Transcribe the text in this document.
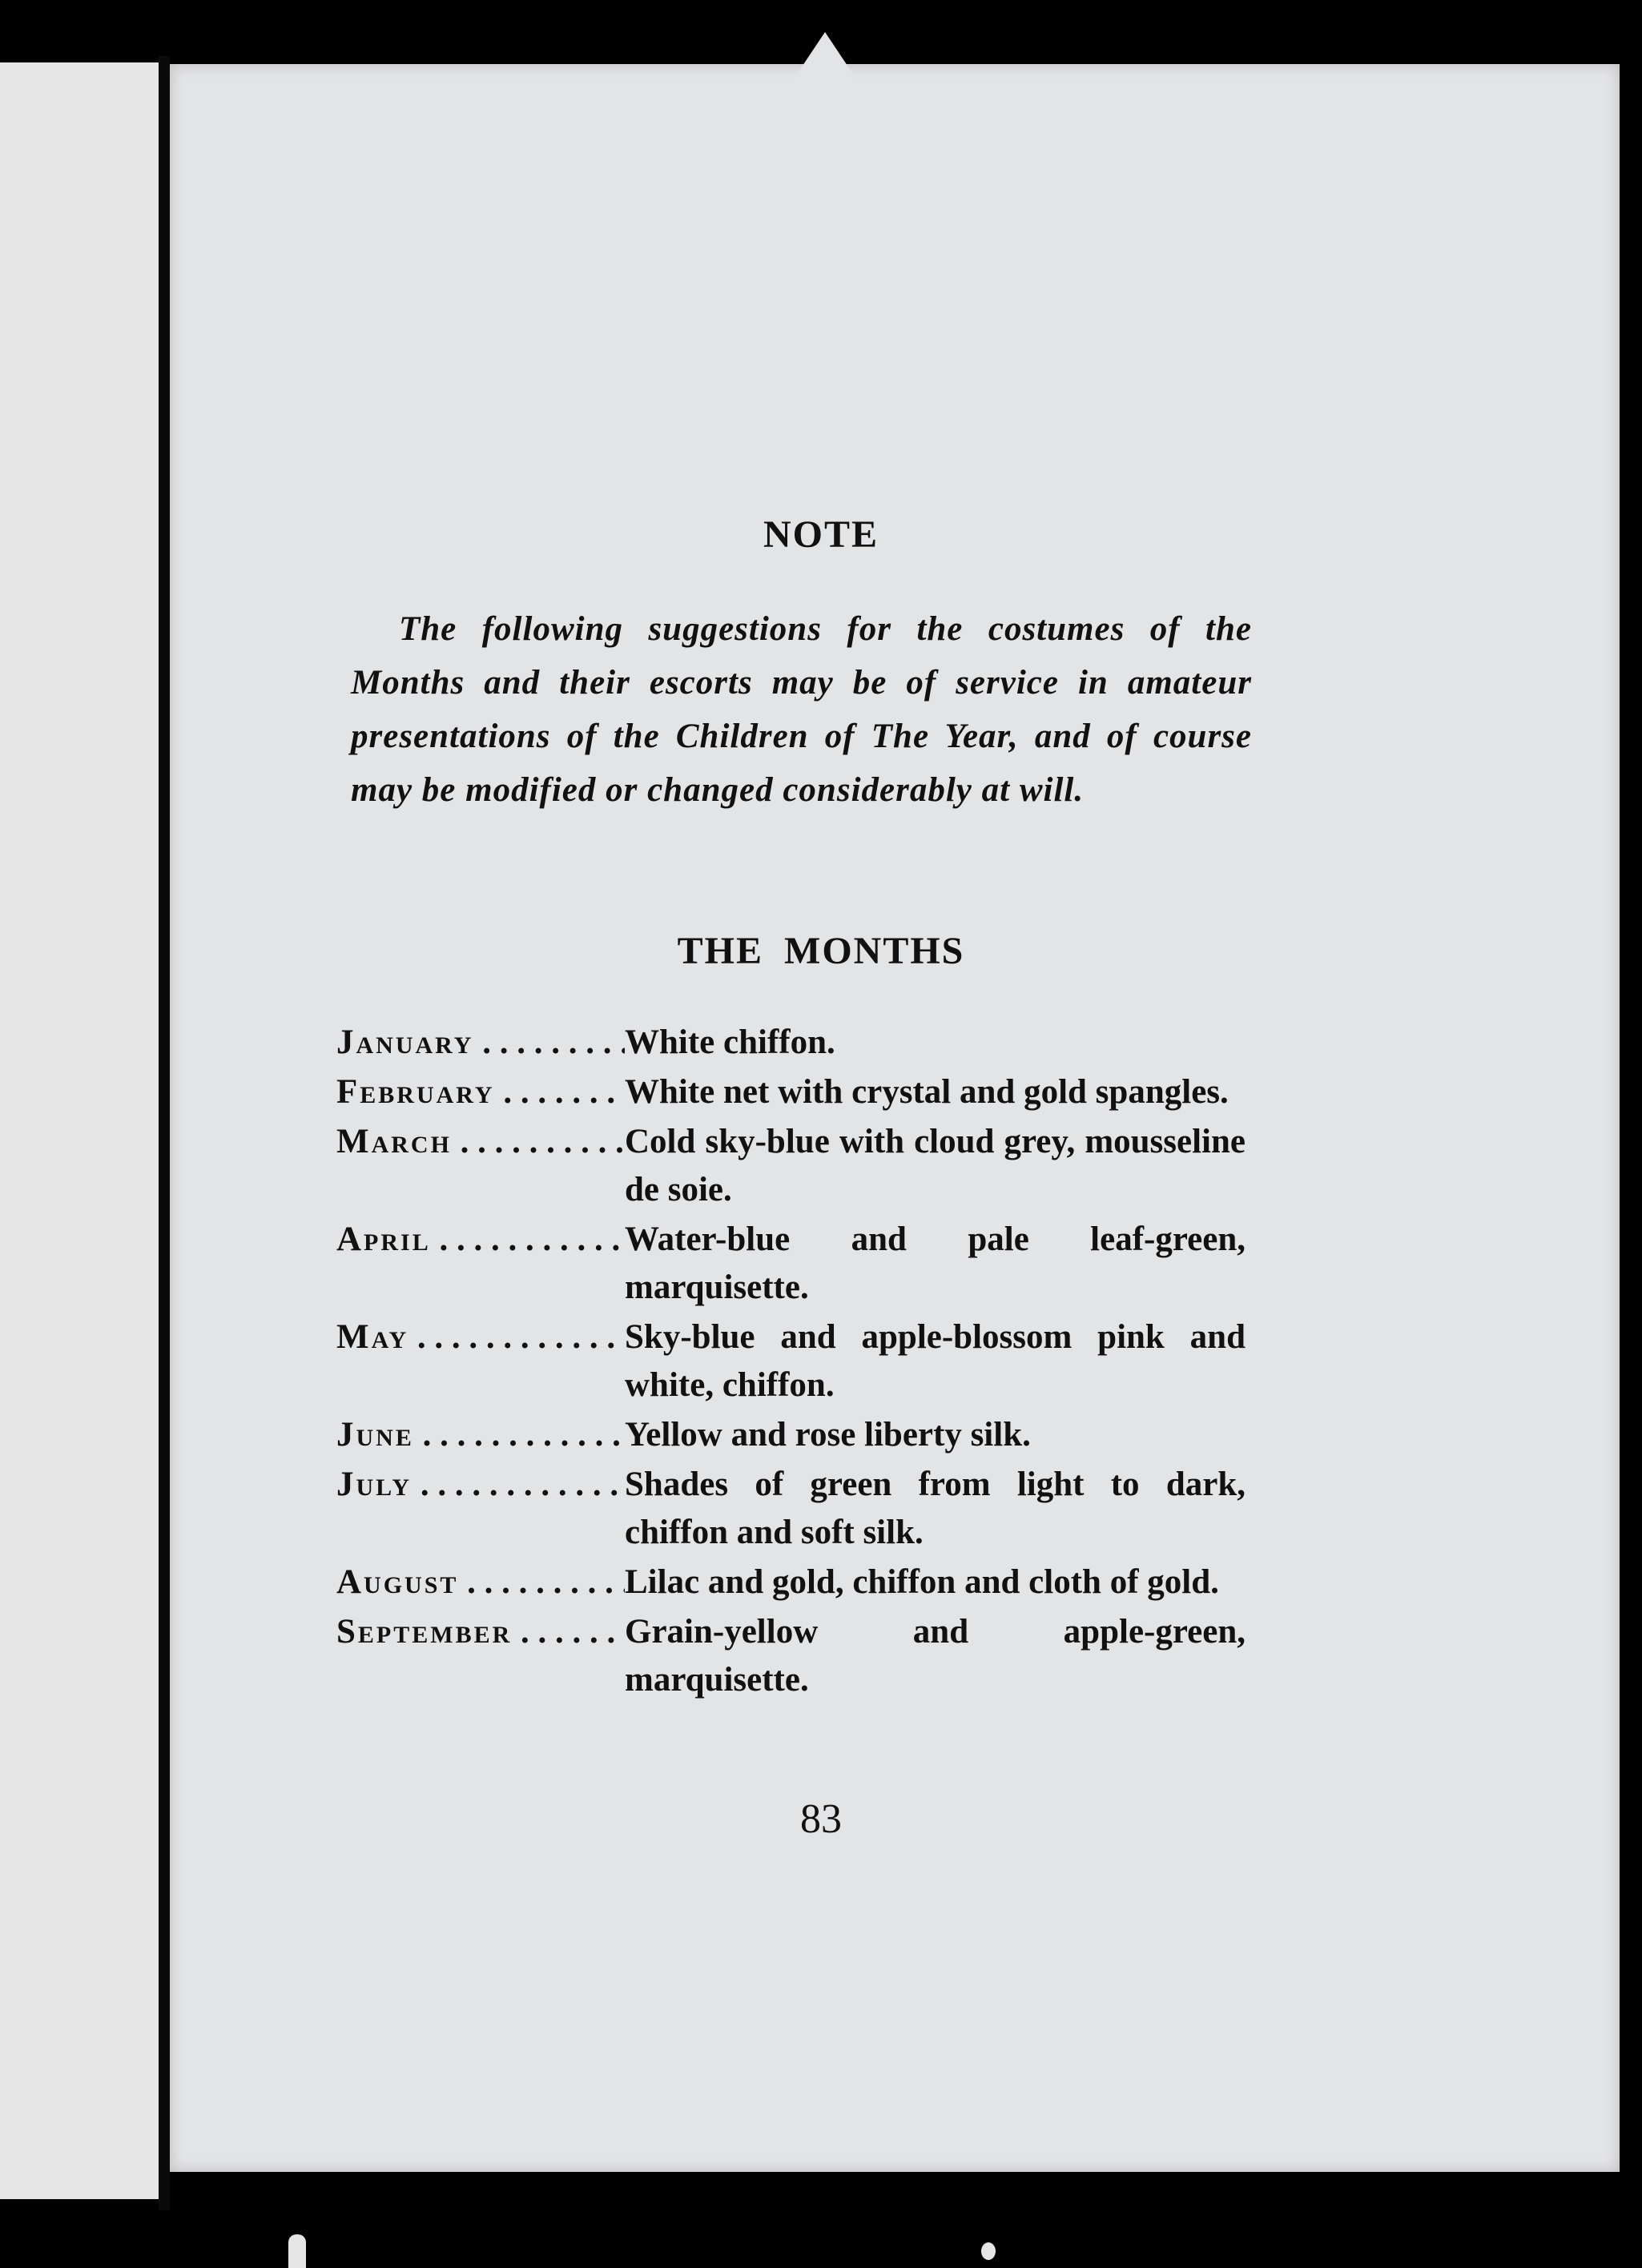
NOTE
The following suggestions for the costumes of the Months and their escorts may be of service in amateur presentations of the Children of The Year, and of course may be modified or changed considerably at will.
THE MONTHS
January . . .	White chiffon.
February . . .	White net with crystal and gold spangles.
March . . .	Cold sky-blue with cloud grey, mousseline de soie.
April . . .	Water-blue and pale leaf-green, marquisette.
May . . .	Sky-blue and apple-blossom pink and white, chiffon.
June . . .	Yellow and rose liberty silk.
July . . .	Shades of green from light to dark, chiffon and soft silk.
August . . .	Lilac and gold, chiffon and cloth of gold.
September . . .	Grain-yellow and apple-green, marquisette.
83
